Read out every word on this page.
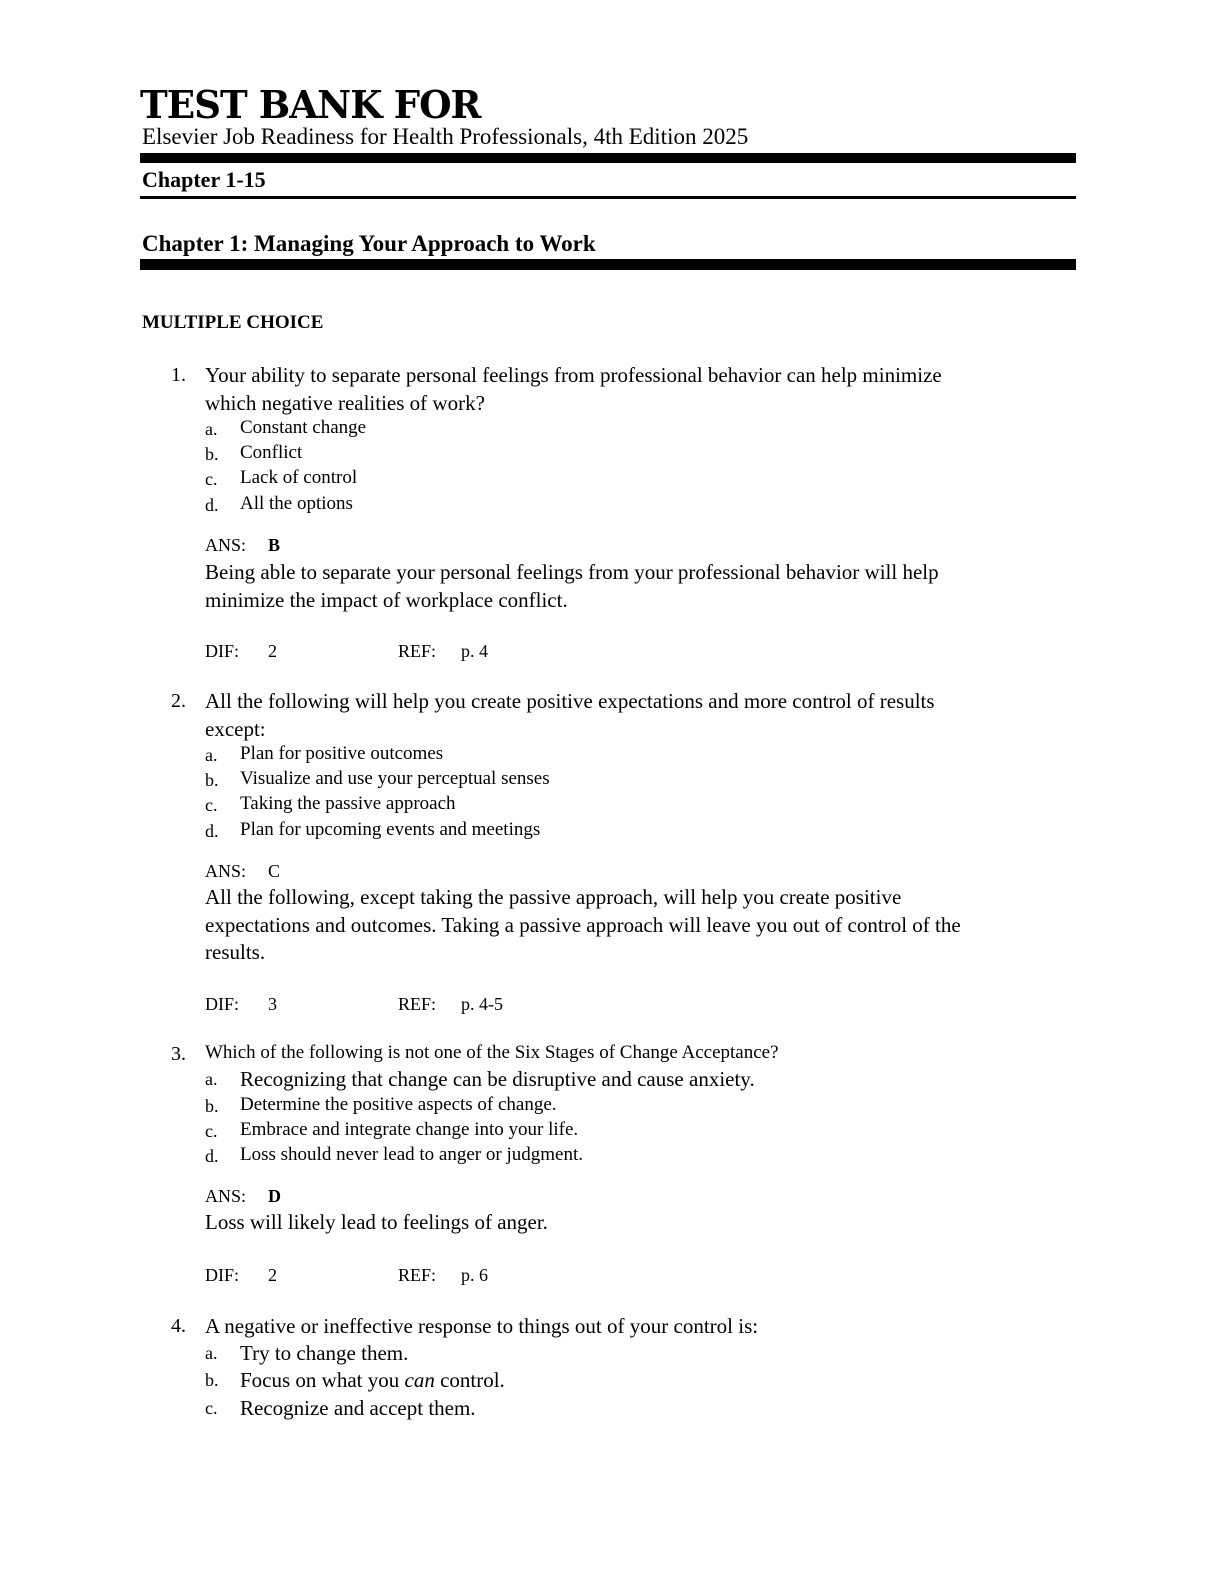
TEST BANK FOR
Elsevier Job Readiness for Health Professionals, 4th Edition 2025
Chapter 1-15
Chapter 1: Managing Your Approach to Work
MULTIPLE CHOICE
1. Your ability to separate personal feelings from professional behavior can help minimize
which negative realities of work?
a. Constant change
b. Conflict
c. Lack of control
d. All the options
ANS: B
Being able to separate your personal feelings from your professional behavior will help
minimize the impact of workplace conflict.
DIF: 2	REF: p. 4
2. All the following will help you create positive expectations and more control of results
except:
a. Plan for positive outcomes
b. Visualize and use your perceptual senses
c. Taking the passive approach
d. Plan for upcoming events and meetings
ANS: C
All the following, except taking the passive approach, will help you create positive
expectations and outcomes. Taking a passive approach will leave you out of control of the
results.
DIF: 3	REF: p. 4-5
3. Which of the following is not one of the Six Stages of Change Acceptance?
a. Recognizing that change can be disruptive and cause anxiety.
b. Determine the positive aspects of change.
c. Embrace and integrate change into your life.
d. Loss should never lead to anger or judgment.
ANS: D
Loss will likely lead to feelings of anger.
DIF: 2	REF: p. 6
4. A negative or ineffective response to things out of your control is:
a. Try to change them.
b. Focus on what you can control.
c. Recognize and accept them.
